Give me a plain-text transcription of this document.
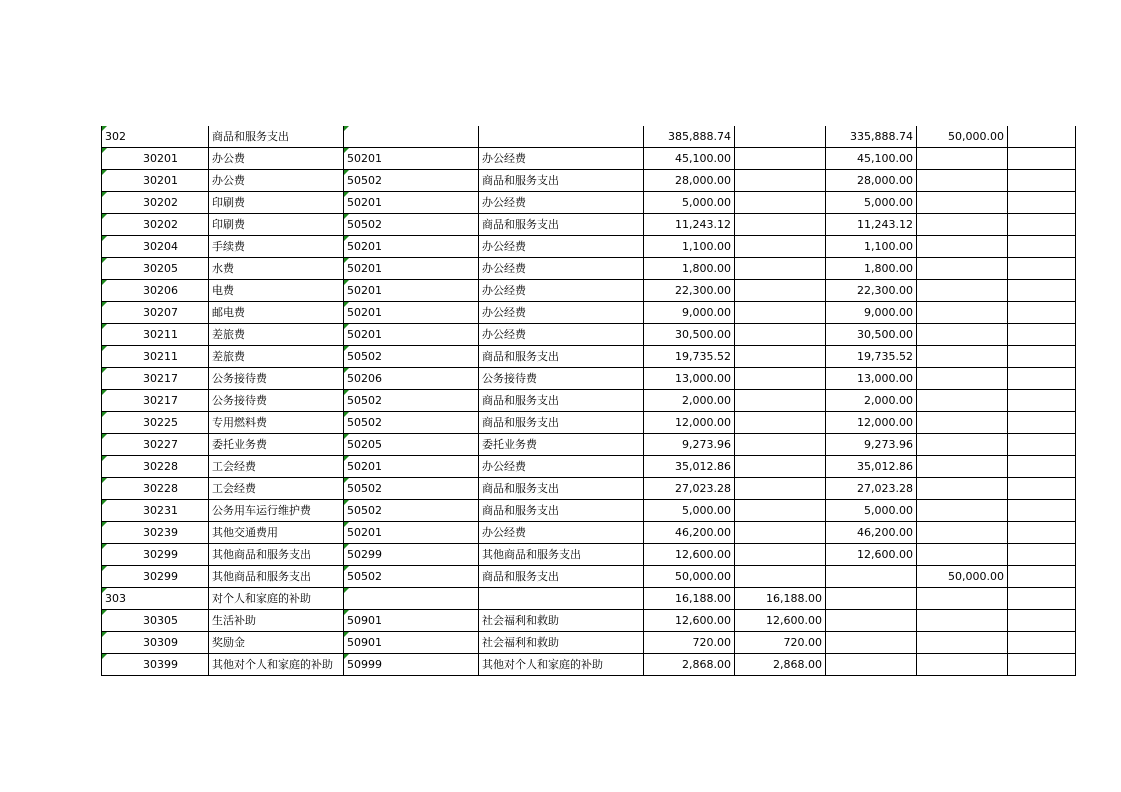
302	商品和服务支出			385,888.74		335,888.74	50,000.00	
30201	办公费	50201	办公经费	45,100.00		45,100.00		
30201	办公费	50502	商品和服务支出	28,000.00		28,000.00		
30202	印刷费	50201	办公经费	5,000.00		5,000.00		
30202	印刷费	50502	商品和服务支出	11,243.12		11,243.12		
30204	手续费	50201	办公经费	1,100.00		1,100.00		
30205	水费	50201	办公经费	1,800.00		1,800.00		
30206	电费	50201	办公经费	22,300.00		22,300.00		
30207	邮电费	50201	办公经费	9,000.00		9,000.00		
30211	差旅费	50201	办公经费	30,500.00		30,500.00		
30211	差旅费	50502	商品和服务支出	19,735.52		19,735.52		
30217	公务接待费	50206	公务接待费	13,000.00		13,000.00		
30217	公务接待费	50502	商品和服务支出	2,000.00		2,000.00		
30225	专用燃料费	50502	商品和服务支出	12,000.00		12,000.00		
30227	委托业务费	50205	委托业务费	9,273.96		9,273.96		
30228	工会经费	50201	办公经费	35,012.86		35,012.86		
30228	工会经费	50502	商品和服务支出	27,023.28		27,023.28		
30231	公务用车运行维护费	50502	商品和服务支出	5,000.00		5,000.00		
30239	其他交通费用	50201	办公经费	46,200.00		46,200.00		
30299	其他商品和服务支出	50299	其他商品和服务支出	12,600.00		12,600.00		
30299	其他商品和服务支出	50502	商品和服务支出	50,000.00			50,000.00	
303	对个人和家庭的补助			16,188.00	16,188.00			
30305	生活补助	50901	社会福利和救助	12,600.00	12,600.00			
30309	奖励金	50901	社会福利和救助	720.00	720.00			
30399	其他对个人和家庭的补助	50999	其他对个人和家庭的补助	2,868.00	2,868.00			
